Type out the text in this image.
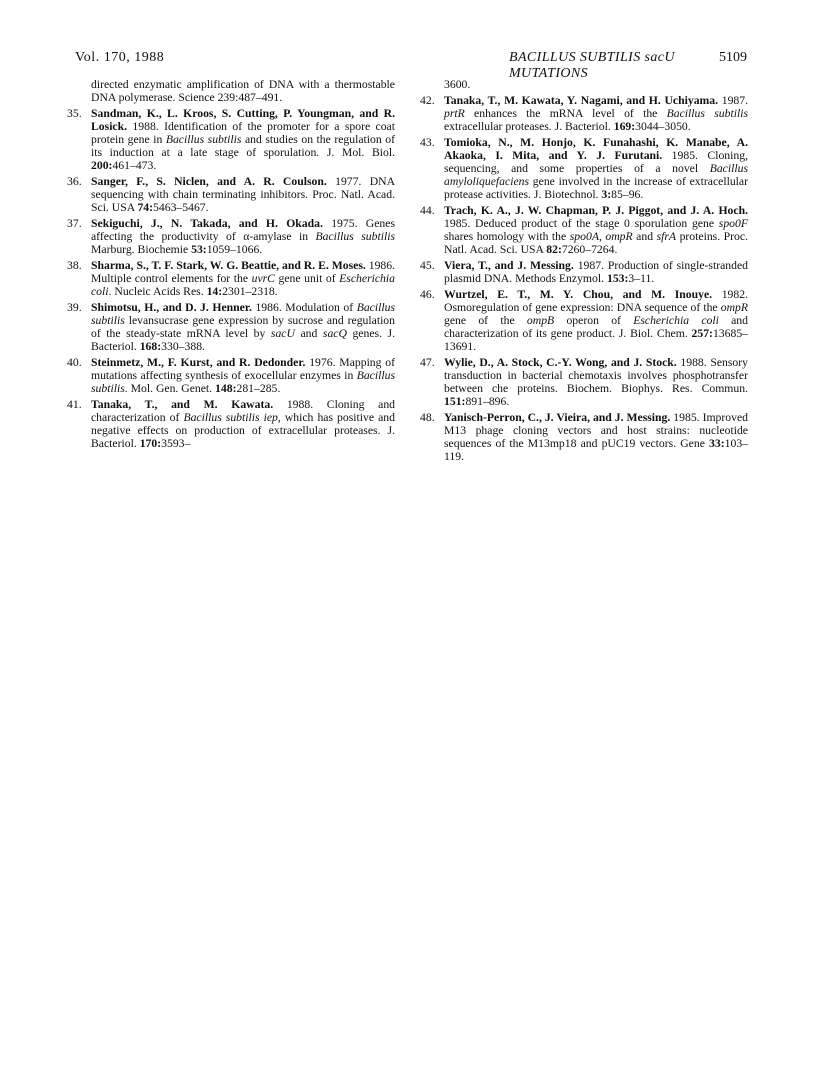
Vol. 170, 1988	BACILLUS SUBTILIS sacU MUTATIONS
5109
directed enzymatic amplification of DNA with a thermostable DNA polymerase. Science 239:487–491.
35. Sandman, K., L. Kroos, S. Cutting, P. Youngman, and R. Losick. 1988. Identification of the promoter for a spore coat protein gene in Bacillus subtilis and studies on the regulation of its induction at a late stage of sporulation. J. Mol. Biol. 200:461–473.
36. Sanger, F., S. Niclen, and A. R. Coulson. 1977. DNA sequencing with chain terminating inhibitors. Proc. Natl. Acad. Sci. USA 74:5463–5467.
37. Sekiguchi, J., N. Takada, and H. Okada. 1975. Genes affecting the productivity of α-amylase in Bacillus subtilis Marburg. Biochemie 53:1059–1066.
38. Sharma, S., T. F. Stark, W. G. Beattie, and R. E. Moses. 1986. Multiple control elements for the uvrC gene unit of Escherichia coli. Nucleic Acids Res. 14:2301–2318.
39. Shimotsu, H., and D. J. Henner. 1986. Modulation of Bacillus subtilis levansucrase gene expression by sucrose and regulation of the steady-state mRNA level by sacU and sacQ genes. J. Bacteriol. 168:330–388.
40. Steinmetz, M., F. Kurst, and R. Dedonder. 1976. Mapping of mutations affecting synthesis of exocellular enzymes in Bacillus subtilis. Mol. Gen. Genet. 148:281–285.
41. Tanaka, T., and M. Kawata. 1988. Cloning and characterization of Bacillus subtilis iep, which has positive and negative effects on production of extracellular proteases. J. Bacteriol. 170:3593–
3600.
42. Tanaka, T., M. Kawata, Y. Nagami, and H. Uchiyama. 1987. prtR enhances the mRNA level of the Bacillus subtilis extracellular proteases. J. Bacteriol. 169:3044–3050.
43. Tomioka, N., M. Honjo, K. Funahashi, K. Manabe, A. Akaoka, I. Mita, and Y. J. Furutani. 1985. Cloning, sequencing, and some properties of a novel Bacillus amyloliquefaciens gene involved in the increase of extracellular protease activities. J. Biotechnol. 3:85–96.
44. Trach, K. A., J. W. Chapman, P. J. Piggot, and J. A. Hoch. 1985. Deduced product of the stage 0 sporulation gene spo0F shares homology with the spo0A, ompR and sfrA proteins. Proc. Natl. Acad. Sci. USA 82:7260–7264.
45. Viera, T., and J. Messing. 1987. Production of single-stranded plasmid DNA. Methods Enzymol. 153:3–11.
46. Wurtzel, E. T., M. Y. Chou, and M. Inouye. 1982. Osmoregulation of gene expression: DNA sequence of the ompR gene of the ompB operon of Escherichia coli and characterization of its gene product. J. Biol. Chem. 257:13685–13691.
47. Wylie, D., A. Stock, C.-Y. Wong, and J. Stock. 1988. Sensory transduction in bacterial chemotaxis involves phosphotransfer between che proteins. Biochem. Biophys. Res. Commun. 151:891–896.
48. Yanisch-Perron, C., J. Vieira, and J. Messing. 1985. Improved M13 phage cloning vectors and host strains: nucleotide sequences of the M13mp18 and pUC19 vectors. Gene 33:103–119.
